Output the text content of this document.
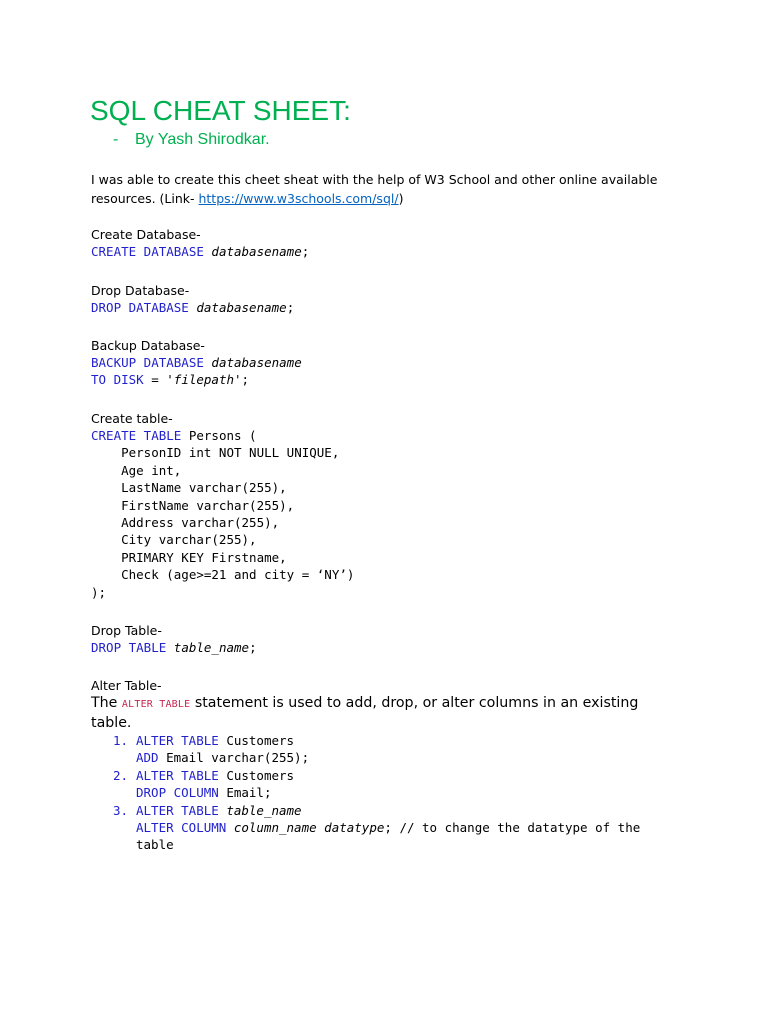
SQL CHEAT SHEET:
- By Yash Shirodkar.

I was able to create this cheet sheat with the help of W3 School and other online available resources. (Link- https://www.w3schools.com/sql/)

Create Database-
CREATE DATABASE databasename;
Drop Database-
DROP DATABASE databasename;
Backup Database-
BACKUP DATABASE databasename
TO DISK = 'filepath';
Create table-
CREATE TABLE Persons (
PersonID int NOT NULL UNIQUE,
Age int,
LastName varchar(255),
FirstName varchar(255),
Address varchar(255),
City varchar(255),
PRIMARY KEY Firstname,
Check (age>=21 and city = ‘NY’)
);
Drop Table-
DROP TABLE table_name;
Alter Table-
The ALTER TABLE statement is used to add, drop, or alter columns in an existing table.
1. ALTER TABLE Customers
ADD Email varchar(255);
2. ALTER TABLE Customers
DROP COLUMN Email;
3. ALTER TABLE table_name
ALTER COLUMN column_name datatype; // to change the datatype of the
table
